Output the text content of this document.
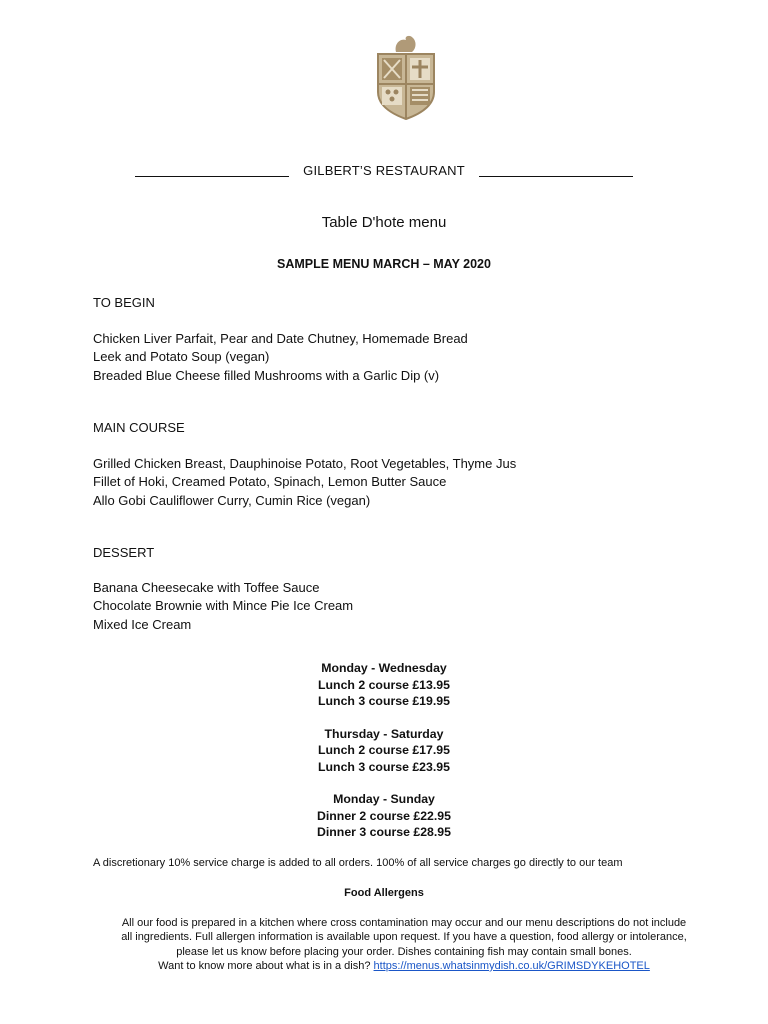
GILBERT’S RESTAURANT
Table D'hote menu
SAMPLE MENU MARCH – MAY 2020
TO BEGIN
Chicken Liver Parfait, Pear and Date Chutney, Homemade Bread
Leek and Potato Soup (vegan)
Breaded Blue Cheese filled Mushrooms with a Garlic Dip (v)
MAIN COURSE
Grilled Chicken Breast, Dauphinoise Potato, Root Vegetables, Thyme Jus
Fillet of Hoki, Creamed Potato, Spinach, Lemon Butter Sauce
Allo Gobi Cauliflower Curry, Cumin Rice (vegan)
DESSERT
Banana Cheesecake with Toffee Sauce
Chocolate Brownie with Mince Pie Ice Cream
Mixed Ice Cream
Monday - Wednesday
Lunch 2 course £13.95
Lunch 3 course £19.95
Thursday - Saturday
Lunch 2 course £17.95
Lunch 3 course £23.95
Monday - Sunday
Dinner 2 course £22.95
Dinner 3 course £28.95
A discretionary 10% service charge is added to all orders. 100% of all service charges go directly to our team
Food Allergens
All our food is prepared in a kitchen where cross contamination may occur and our menu descriptions do not include
all ingredients. Full allergen information is available upon request. If you have a question, food allergy or intolerance,
please let us know before placing your order. Dishes containing fish may contain small bones.
Want to know more about what is in a dish? https://menus.whatsinmydish.co.uk/GRIMSDYKEHOTEL
